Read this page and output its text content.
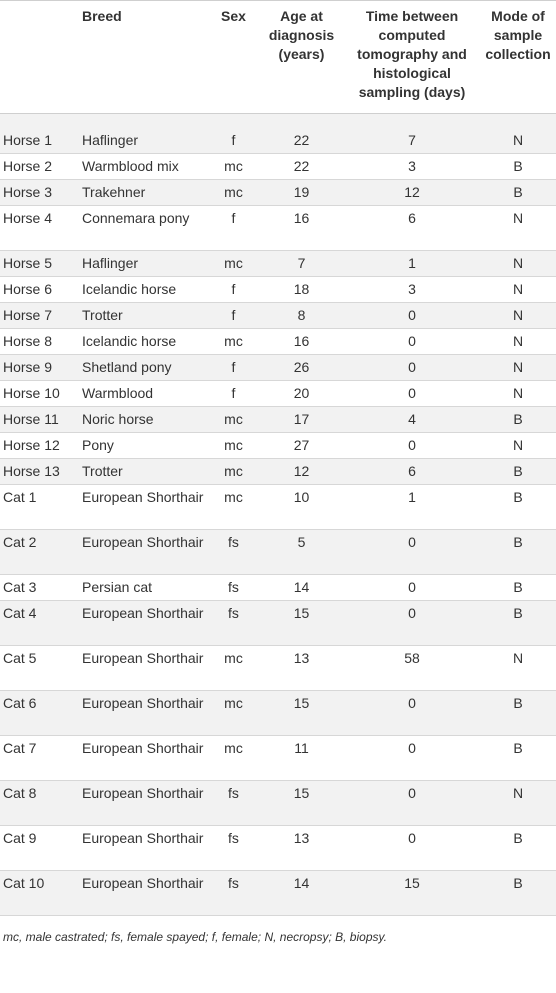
	Breed	Sex	Age at diagnosis (years)	Time between computed tomography and histological sampling (days)	Mode of sample collection
Horse 1	Haflinger	f	22	7	N
Horse 2	Warmblood mix	mc	22	3	B
Horse 3	Trakehner	mc	19	12	B
Horse 4	Connemara pony	f	16	6	N
Horse 5	Haflinger	mc	7	1	N
Horse 6	Icelandic horse	f	18	3	N
Horse 7	Trotter	f	8	0	N
Horse 8	Icelandic horse	mc	16	0	N
Horse 9	Shetland pony	f	26	0	N
Horse 10	Warmblood	f	20	0	N
Horse 11	Noric horse	mc	17	4	B
Horse 12	Pony	mc	27	0	N
Horse 13	Trotter	mc	12	6	B
Cat 1	European Shorthair	mc	10	1	B
Cat 2	European Shorthair	fs	5	0	B
Cat 3	Persian cat	fs	14	0	B
Cat 4	European Shorthair	fs	15	0	B
Cat 5	European Shorthair	mc	13	58	N
Cat 6	European Shorthair	mc	15	0	B
Cat 7	European Shorthair	mc	11	0	B
Cat 8	European Shorthair	fs	15	0	N
Cat 9	European Shorthair	fs	13	0	B
Cat 10	European Shorthair	fs	14	15	B
mc, male castrated; fs, female spayed; f, female; N, necropsy; B, biopsy.
